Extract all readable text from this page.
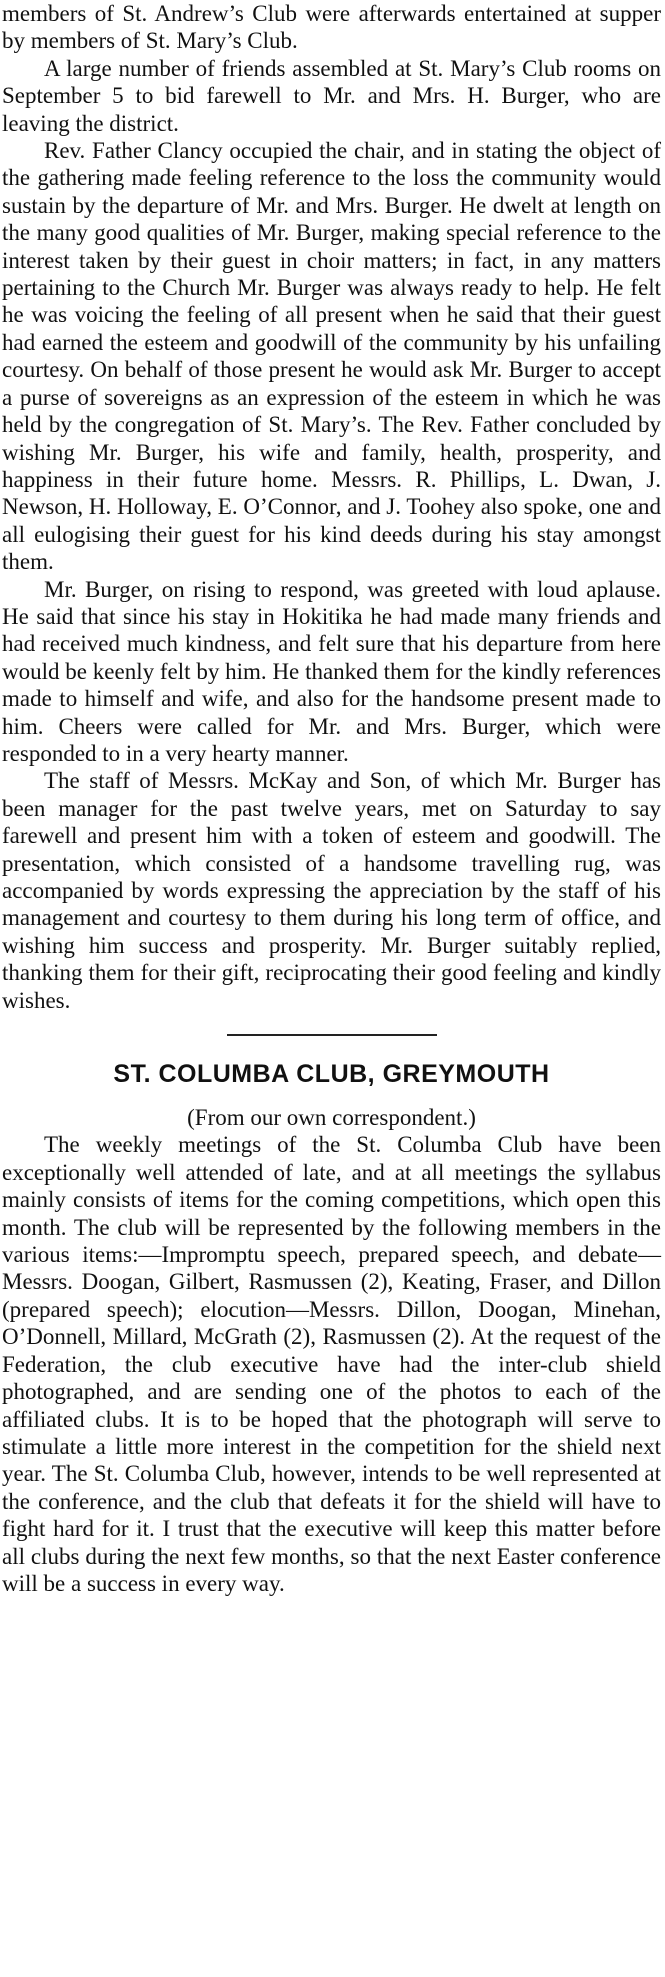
members of St. Andrew’s Club were afterwards entertained at supper by members of St. Mary’s Club.

A large number of friends assembled at St. Mary’s Club rooms on September 5 to bid farewell to Mr. and Mrs. H. Burger, who are leaving the district.

Rev. Father Clancy occupied the chair, and in stating the object of the gathering made feeling reference to the loss the community would sustain by the departure of Mr. and Mrs. Burger. He dwelt at length on the many good qualities of Mr. Burger, making special reference to the interest taken by their guest in choir matters; in fact, in any matters pertaining to the Church Mr. Burger was always ready to help. He felt he was voicing the feeling of all present when he said that their guest had earned the esteem and goodwill of the community by his unfailing courtesy. On behalf of those present he would ask Mr. Burger to accept a purse of sovereigns as an expression of the esteem in which he was held by the congregation of St. Mary’s. The Rev. Father concluded by wishing Mr. Burger, his wife and family, health, prosperity, and happiness in their future home. Messrs. R. Phillips, L. Dwan, J. Newson, H. Holloway, E. O’Connor, and J. Toohey also spoke, one and all eulogising their guest for his kind deeds during his stay amongst them.

Mr. Burger, on rising to respond, was greeted with loud aplause. He said that since his stay in Hokitika he had made many friends and had received much kindness, and felt sure that his departure from here would be keenly felt by him. He thanked them for the kindly references made to himself and wife, and also for the handsome present made to him. Cheers were called for Mr. and Mrs. Burger, which were responded to in a very hearty manner.

The staff of Messrs. McKay and Son, of which Mr. Burger has been manager for the past twelve years, met on Saturday to say farewell and present him with a token of esteem and goodwill. The presentation, which consisted of a handsome travelling rug, was accompanied by words expressing the appreciation by the staff of his management and courtesy to them during his long term of office, and wishing him success and prosperity. Mr. Burger suitably replied, thanking them for their gift, reciprocating their good feeling and kindly wishes.

ST. COLUMBA CLUB, GREYMOUTH

(From our own correspondent.)

The weekly meetings of the St. Columba Club have been exceptionally well attended of late, and at all meetings the syllabus mainly consists of items for the coming competitions, which open this month. The club will be represented by the following members in the various items:—Impromptu speech, prepared speech, and debate—Messrs. Doogan, Gilbert, Rasmussen (2), Keating, Fraser, and Dillon (prepared speech); elocution—Messrs. Dillon, Doogan, Minehan, O’Donnell, Millard, McGrath (2), Rasmussen (2). At the request of the Federation, the club executive have had the inter-club shield photographed, and are sending one of the photos to each of the affiliated clubs. It is to be hoped that the photograph will serve to stimulate a little more interest in the competition for the shield next year. The St. Columba Club, however, intends to be well represented at the conference, and the club that defeats it for the shield will have to fight hard for it. I trust that the executive will keep this matter before all clubs during the next few months, so that the next Easter conference will be a success in every way.
